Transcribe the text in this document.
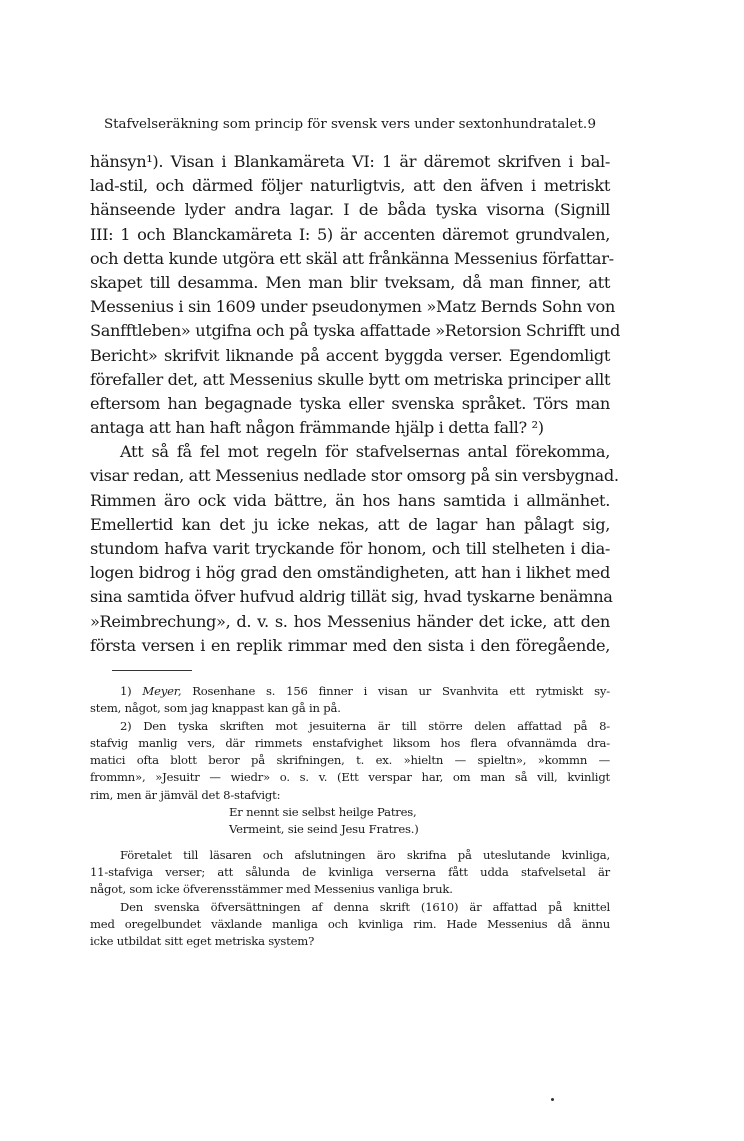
Stafvelseräkning som princip för svensk vers under sextonhundratalet. 9
hänsyn¹). Visan i Blankamäreta VI: 1 är däremot skrifven i bal-
lad-stil, och därmed följer naturligtvis, att den äfven i metriskt
hänseende lyder andra lagar. I de båda tyska visorna (Signill
III: 1 och Blanckamäreta I: 5) är accenten däremot grundvalen,
och detta kunde utgöra ett skäl att frånkänna Messenius författar-
skapet till desamma. Men man blir tveksam, då man finner, att
Messenius i sin 1609 under pseudonymen »Matz Bernds Sohn von
Sanfftleben» utgifna och på tyska affattade »Retorsion Schrifft und
Bericht» skrifvit liknande på accent byggda verser. Egendomligt
förefaller det, att Messenius skulle bytt om metriska principer allt
eftersom han begagnade tyska eller svenska språket. Törs man
antaga att han haft någon främmande hjälp i detta fall? ²)
Att så få fel mot regeln för stafvelsernas antal förekomma,
visar redan, att Messenius nedlade stor omsorg på sin versbygnad.
Rimmen äro ock vida bättre, än hos hans samtida i allmänhet.
Emellertid kan det ju icke nekas, att de lagar han pålagt sig,
stundom hafva varit tryckande för honom, och till stelheten i dia-
logen bidrog i hög grad den omständigheten, att han i likhet med
sina samtida öfver hufvud aldrig tillät sig, hvad tyskarne benämna
»Reimbrechung», d. v. s. hos Messenius händer det icke, att den
första versen i en replik rimmar med den sista i den föregående,
1) Meyer, Rosenhane s. 156 finner i visan ur Svanhvita ett rytmiskt sy-
stem, något, som jag knappast kan gå in på.
2) Den tyska skriften mot jesuiterna är till större delen affattad på 8-
stafvig manlig vers, där rimmets enstafvighet liksom hos flera ofvannämda dra-
matici ofta blott beror på skrifningen, t. ex. »hieltn — spieltn», »kommn —
frommn», »Jesuitr — wiedr» o. s. v. (Ett verspar har, om man så vill, kvinligt
rim, men är jämväl det 8-stafvigt:
Er nennt sie selbst heilge Patres,
Vermeint, sie seind Jesu Fratres.)
Företalet till läsaren och afslutningen äro skrifna på uteslutande kvinliga,
11-stafviga verser; att sålunda de kvinliga verserna fått udda stafvelsetal är
något, som icke öfverensstämmer med Messenius vanliga bruk.
Den svenska öfversättningen af denna skrift (1610) är affattad på knittel
med oregelbundet växlande manliga och kvinliga rim. Hade Messenius då ännu
icke utbildat sitt eget metriska system?
